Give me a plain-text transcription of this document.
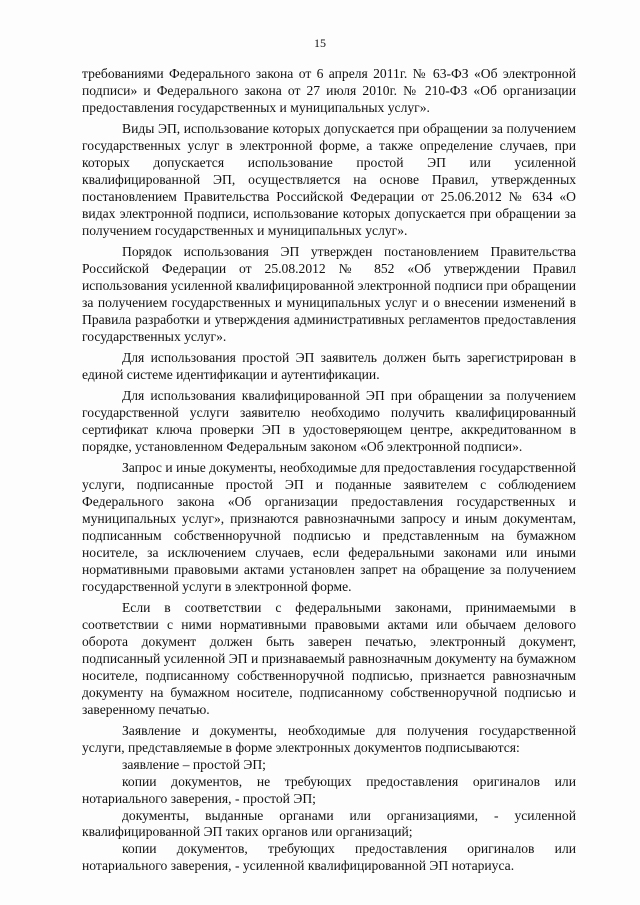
15

требованиями Федерального закона от 6 апреля 2011г. № 63-ФЗ «Об электронной подписи» и Федерального закона от 27 июля 2010г. № 210-ФЗ «Об организации предоставления государственных и муниципальных услуг».

Виды ЭП, использование которых допускается при обращении за получением государственных услуг в электронной форме, а также определение случаев, при которых допускается использование простой ЭП или усиленной квалифицированной ЭП, осуществляется на основе Правил, утвержденных постановлением Правительства Российской Федерации от 25.06.2012 № 634 «О видах электронной подписи, использование которых допускается при обращении за получением государственных и муниципальных услуг».

Порядок использования ЭП утвержден постановлением Правительства Российской Федерации от 25.08.2012 № 852 «Об утверждении Правил использования усиленной квалифицированной электронной подписи при обращении за получением государственных и муниципальных услуг и о внесении изменений в Правила разработки и утверждения административных регламентов предоставления государственных услуг».

Для использования простой ЭП заявитель должен быть зарегистрирован в единой системе идентификации и аутентификации.

Для использования квалифицированной ЭП при обращении за получением государственной услуги заявителю необходимо получить квалифицированный сертификат ключа проверки ЭП в удостоверяющем центре, аккредитованном в порядке, установленном Федеральным законом «Об электронной подписи».

Запрос и иные документы, необходимые для предоставления государственной услуги, подписанные простой ЭП и поданные заявителем с соблюдением Федерального закона «Об организации предоставления государственных и муниципальных услуг», признаются равнозначными запросу и иным документам, подписанным собственноручной подписью и представленным на бумажном носителе, за исключением случаев, если федеральными законами или иными нормативными правовыми актами установлен запрет на обращение за получением государственной услуги в электронной форме.

Если в соответствии с федеральными законами, принимаемыми в соответствии с ними нормативными правовыми актами или обычаем делового оборота документ должен быть заверен печатью, электронный документ, подписанный усиленной ЭП и признаваемый равнозначным документу на бумажном носителе, подписанному собственноручной подписью, признается равнозначным документу на бумажном носителе, подписанному собственноручной подписью и заверенному печатью.

Заявление и документы, необходимые для получения государственной услуги, представляемые в форме электронных документов подписываются:

заявление – простой ЭП;

копии документов, не требующих предоставления оригиналов или нотариального заверения, - простой ЭП;

документы, выданные органами или организациями, - усиленной квалифицированной ЭП таких органов или организаций;

копии документов, требующих предоставления оригиналов или нотариального заверения, - усиленной квалифицированной ЭП нотариуса.
